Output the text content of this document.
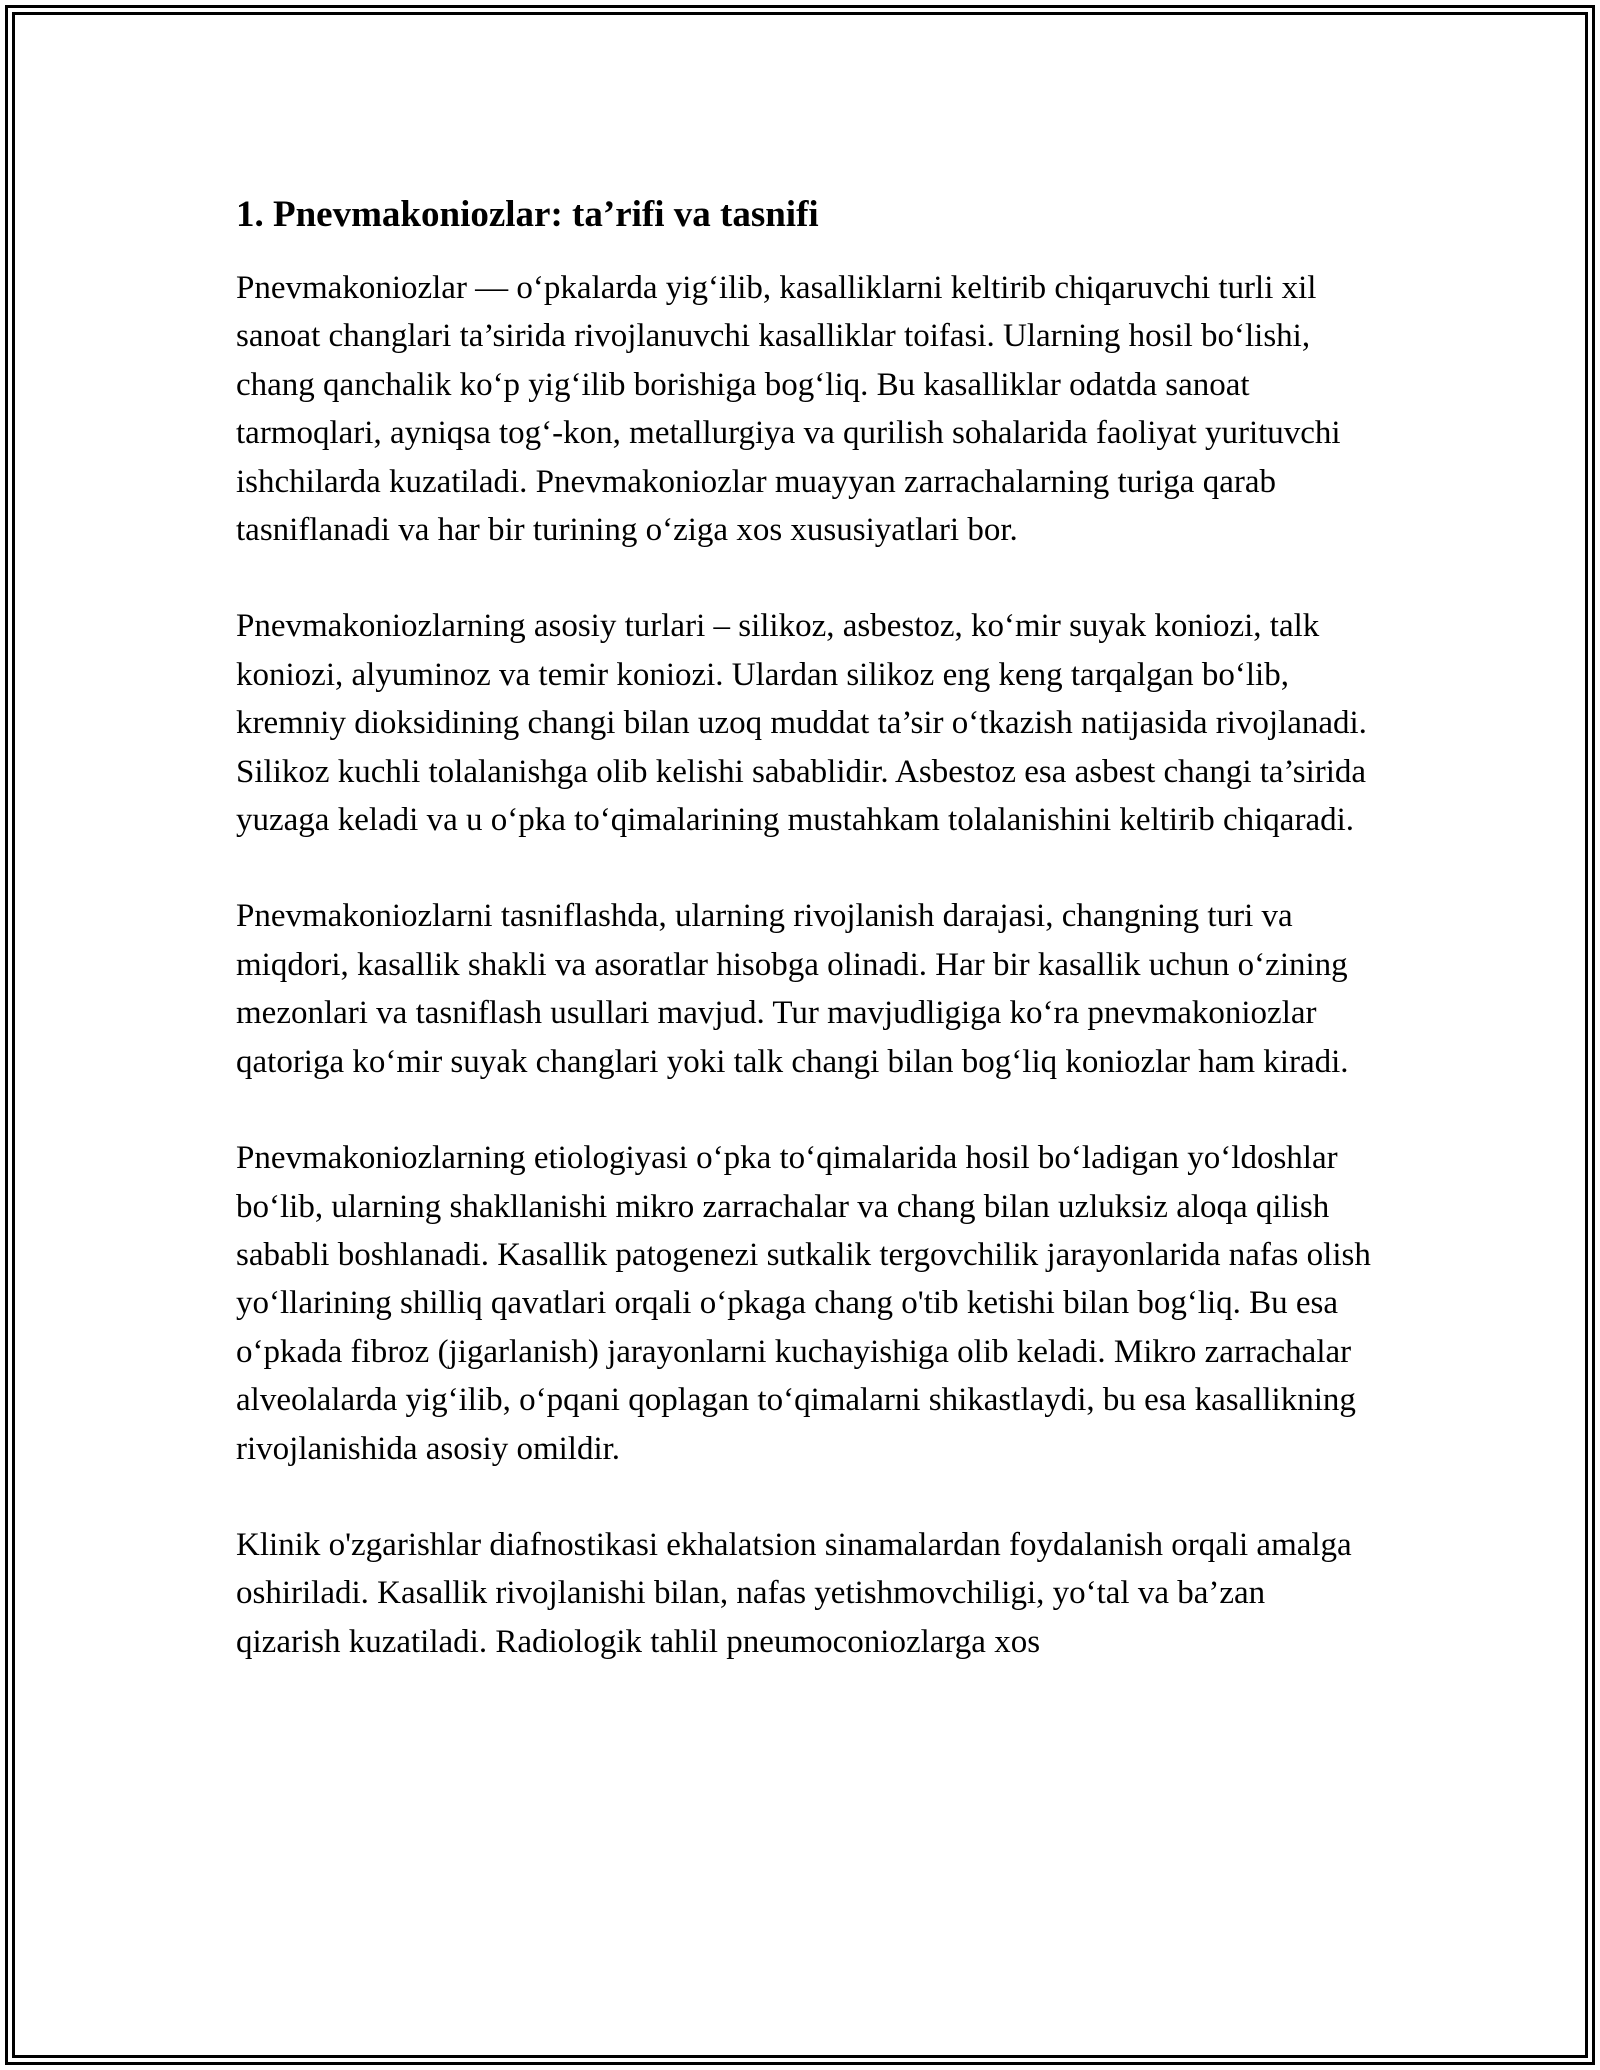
1. Pnevmakoniozlar: ta’rifi va tasnifi

Pnevmakoniozlar — o‘pkalarda yig‘ilib, kasalliklarni keltirib chiqaruvchi turli xil sanoat changlari ta’sirida rivojlanuvchi kasalliklar toifasi. Ularning hosil bo‘lishi, chang qanchalik ko‘p yig‘ilib borishiga bog‘liq. Bu kasalliklar odatda sanoat tarmoqlari, ayniqsa tog‘-kon, metallurgiya va qurilish sohalarida faoliyat yurituvchi ishchilarda kuzatiladi. Pnevmakoniozlar muayyan zarrachalarning turiga qarab tasniflanadi va har bir turining o‘ziga xos xususiyatlari bor.

Pnevmakoniozlarning asosiy turlari – silikoz, asbestoz, ko‘mir suyak koniozi, talk koniozi, alyuminoz va temir koniozi. Ulardan silikoz eng keng tarqalgan bo‘lib, kremniy dioksidining changi bilan uzoq muddat ta’sir o‘tkazish natijasida rivojlanadi. Silikoz kuchli tolalanishga olib kelishi sabablidir. Asbestoz esa asbest changi ta’sirida yuzaga keladi va u o‘pka to‘qimalarining mustahkam tolalanishini keltirib chiqaradi.

Pnevmakoniozlarni tasniflashda, ularning rivojlanish darajasi, changning turi va miqdori, kasallik shakli va asoratlar hisobga olinadi. Har bir kasallik uchun o‘zining mezonlari va tasniflash usullari mavjud. Tur mavjudligiga ko‘ra pnevmakoniozlar qatoriga ko‘mir suyak changlari yoki talk changi bilan bog‘liq koniozlar ham kiradi.

Pnevmakoniozlarning etiologiyasi o‘pka to‘qimalarida hosil bo‘ladigan yo‘ldoshlar bo‘lib, ularning shakllanishi mikro zarrachalar va chang bilan uzluksiz aloqa qilish sababli boshlanadi. Kasallik patogenezi sutkalik tergovchilik jarayonlarida nafas olish yo‘llarining shilliq qavatlari orqali o‘pkaga chang o'tib ketishi bilan bog‘liq. Bu esa o‘pkada fibroz (jigarlanish) jarayonlarni kuchayishiga olib keladi. Mikro zarrachalar alveolalarda yig‘ilib, o‘pqani qoplagan to‘qimalarni shikastlaydi, bu esa kasallikning rivojlanishida asosiy omildir.

Klinik o'zgarishlar diafnostikasi ekhalatsion sinamalardan foydalanish orqali amalga oshiriladi. Kasallik rivojlanishi bilan, nafas yetishmovchiligi, yo‘tal va ba’zan qizarish kuzatiladi. Radiologik tahlil pneumoconiozlarga xos
